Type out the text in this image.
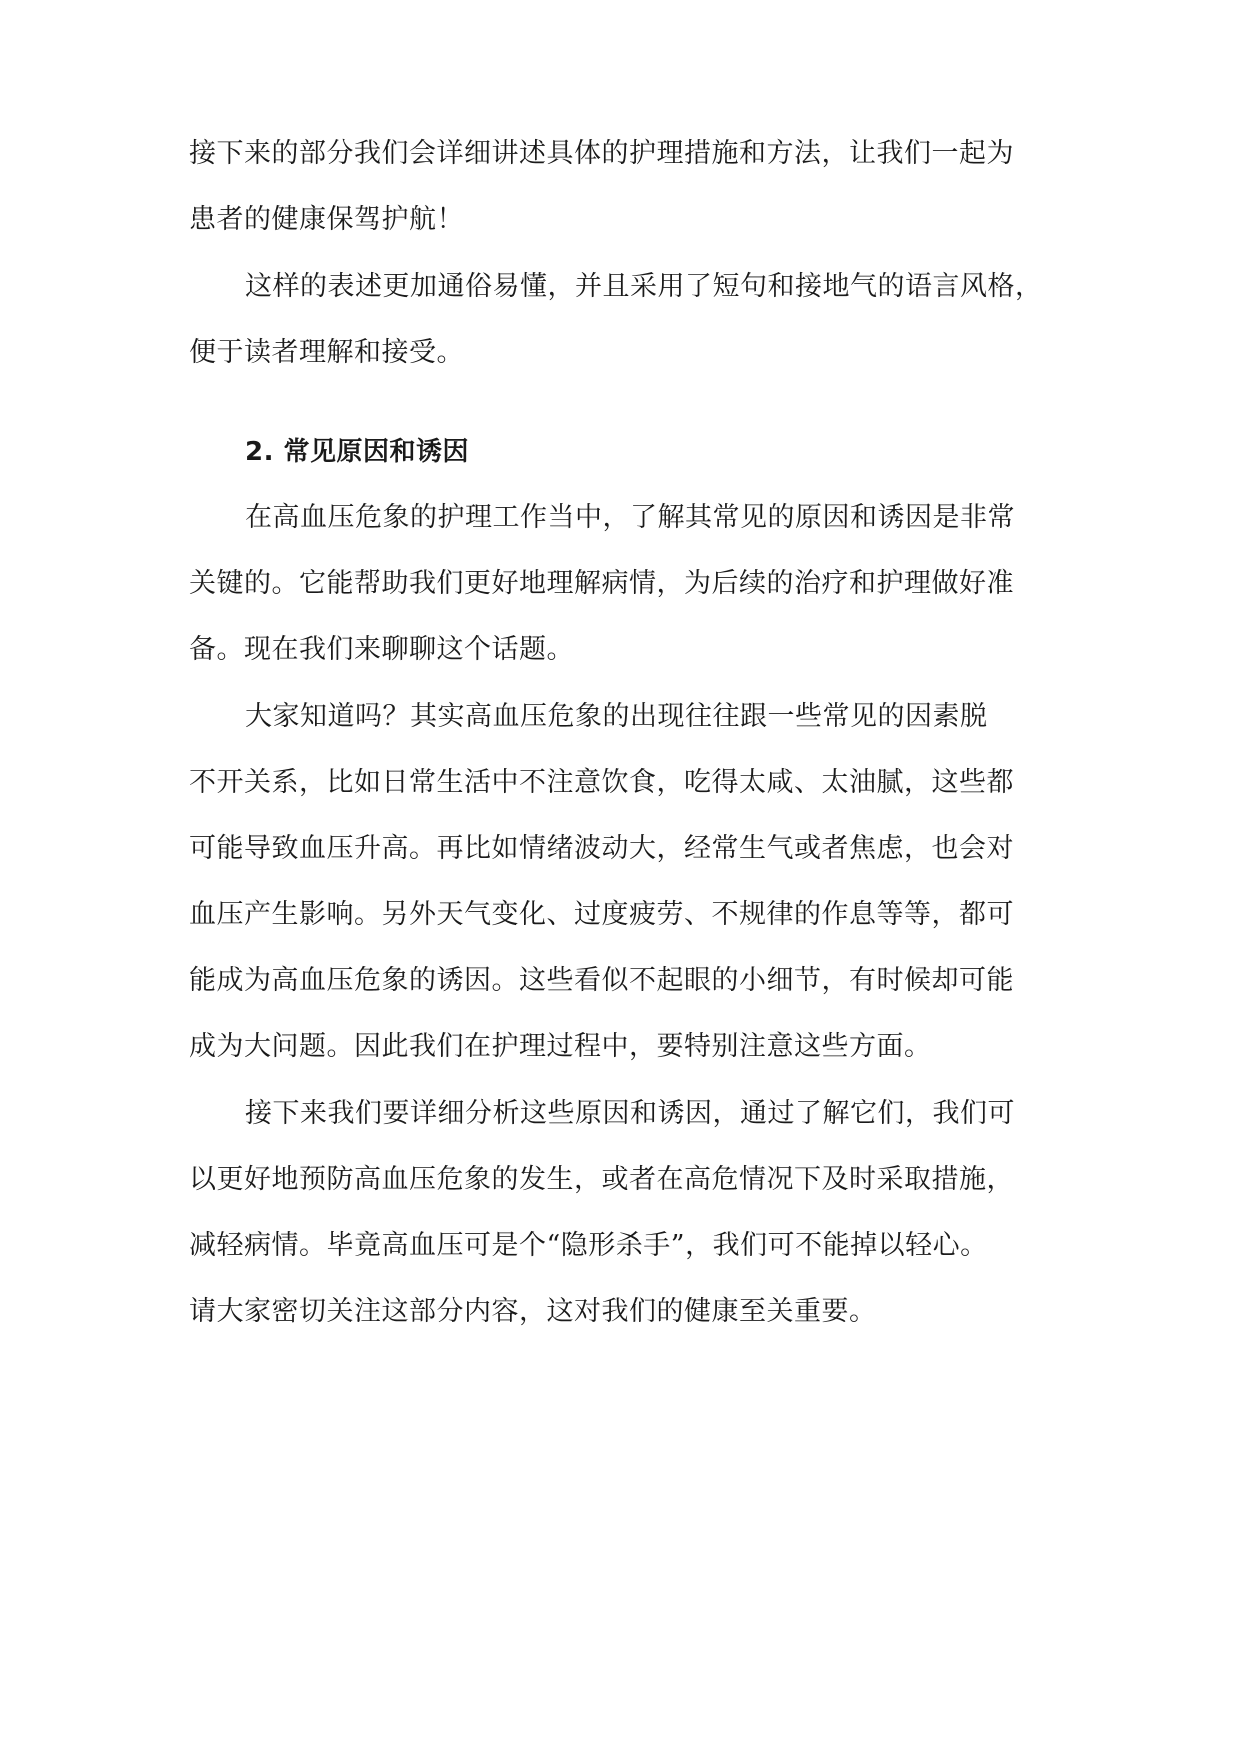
接下来的部分我们会详细讲述具体的护理措施和方法，让我们一起为
患者的健康保驾护航！
这样的表述更加通俗易懂，并且采用了短句和接地气的语言风格，
便于读者理解和接受。
2. 常见原因和诱因
在高血压危象的护理工作当中，了解其常见的原因和诱因是非常
关键的。它能帮助我们更好地理解病情，为后续的治疗和护理做好准
备。现在我们来聊聊这个话题。
大家知道吗？其实高血压危象的出现往往跟一些常见的因素脱
不开关系，比如日常生活中不注意饮食，吃得太咸、太油腻，这些都
可能导致血压升高。再比如情绪波动大，经常生气或者焦虑，也会对
血压产生影响。另外天气变化、过度疲劳、不规律的作息等等，都可
能成为高血压危象的诱因。这些看似不起眼的小细节，有时候却可能
成为大问题。因此我们在护理过程中，要特别注意这些方面。
接下来我们要详细分析这些原因和诱因，通过了解它们，我们可
以更好地预防高血压危象的发生，或者在高危情况下及时采取措施，
减轻病情。毕竟高血压可是个“隐形杀手”，我们可不能掉以轻心。
请大家密切关注这部分内容，这对我们的健康至关重要。
